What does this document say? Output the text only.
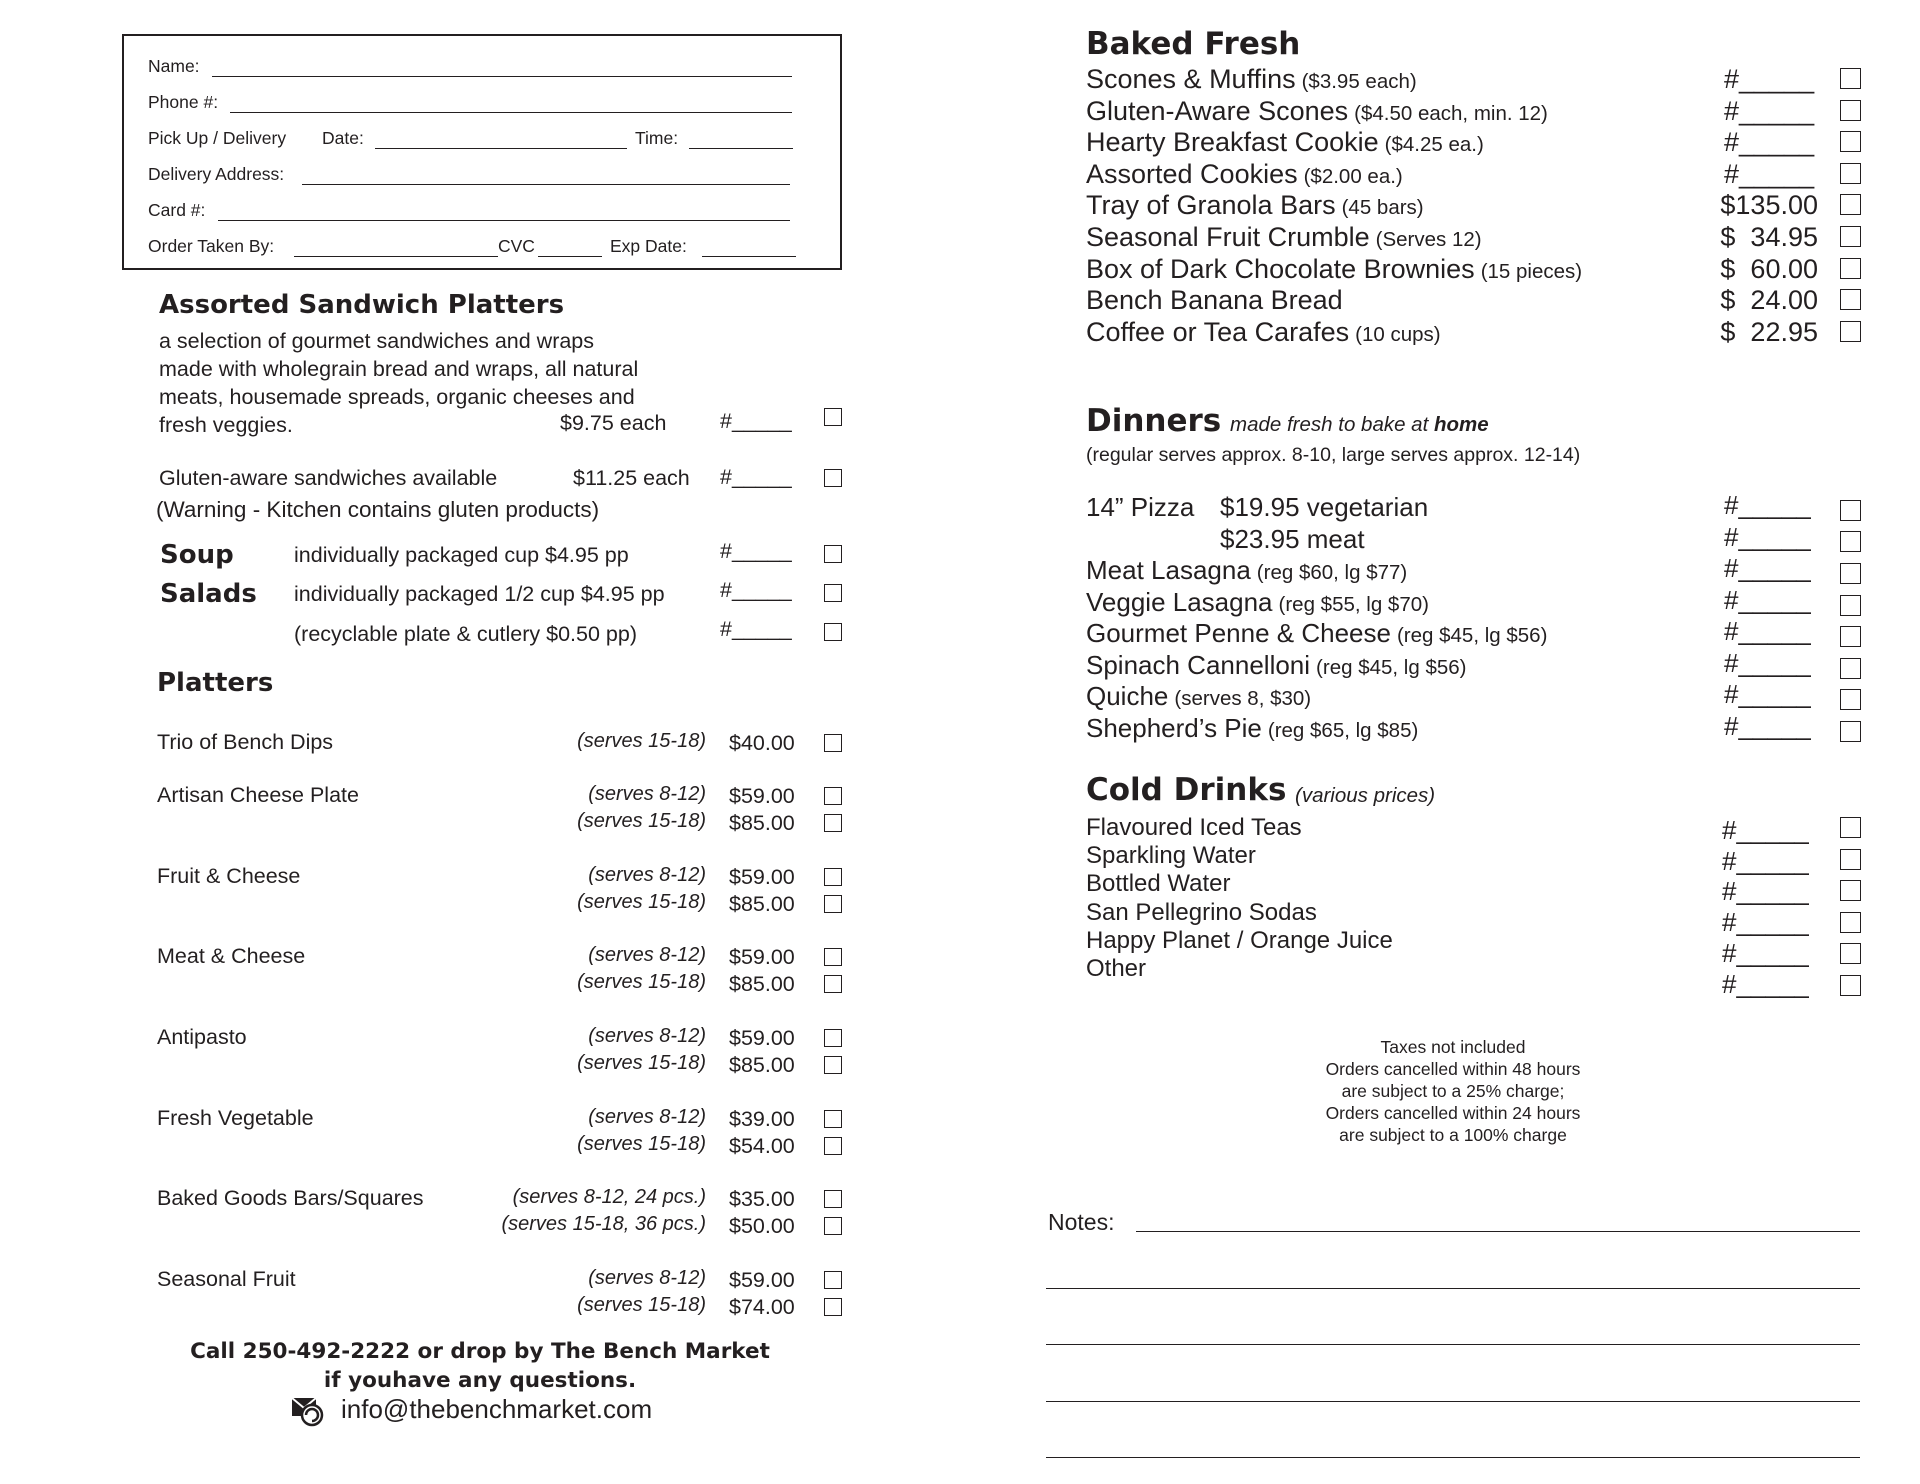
Name:
Phone #:
Pick Up / Delivery Date:	Time:
Delivery Address:
Card #:
Order Taken By:	CVC	Exp Date:
Assorted Sandwich Platters
a selection of gourmet sandwiches and wraps
made with wholegrain bread and wraps, all natural
meats, housemade spreads, organic cheeses and
fresh veggies.	$9.75 each #_____
Gluten-aware sandwiches available	$11.25 each #_____
(Warning - Kitchen contains gluten products)
Soup	individually packaged cup $4.95 pp	#_____
Salads individually packaged 1/2 cup $4.95 pp	#_____
(recyclable plate & cutlery $0.50 pp)	#_____
Platters
Trio of Bench Dips	(serves 15-18) $40.00
Artisan Cheese Plate	(serves 8-12) $59.00
(serves 15-18) $85.00
Fruit & Cheese	(serves 8-12) $59.00
(serves 15-18) $85.00
Meat & Cheese	(serves 8-12) $59.00
(serves 15-18) $85.00
Antipasto	(serves 8-12) $59.00
(serves 15-18) $85.00
Fresh Vegetable	(serves 8-12) $39.00
(serves 15-18) $54.00
Baked Goods Bars/Squares	(serves 8-12, 24 pcs.) $35.00
(serves 15-18, 36 pcs.) $50.00
Seasonal Fruit	(serves 8-12) $59.00
(serves 15-18) $74.00
Call 250-492-2222 or drop by The Bench Market
if youhave any questions.
info@thebenchmarket.com
Baked Fresh
Scones & Muffins ($3.95 each)	#_____
Gluten-Aware Scones ($4.50 each, min. 12)	#_____
Hearty Breakfast Cookie ($4.25 ea.)	#_____
Assorted Cookies ($2.00 ea.)	#_____
Tray of Granola Bars (45 bars)	$135.00
Seasonal Fruit Crumble (Serves 12)	$  34.95
Box of Dark Chocolate Brownies (15 pieces)	$  60.00
Bench Banana Bread	$  24.00
Coffee or Tea Carafes (10 cups)	$  22.95
Dinners made fresh to bake at home
(regular serves approx. 8-10, large serves approx. 12-14)
14” Pizza $19.95 vegetarian	#_____
$23.95 meat	#_____
Meat Lasagna (reg $60, lg $77)	#_____
Veggie Lasagna (reg $55, lg $70)	#_____
Gourmet Penne & Cheese (reg $45, lg $56)	#_____
Spinach Cannelloni (reg $45, lg $56)	#_____
Quiche (serves 8, $30)	#_____
Shepherd’s Pie (reg $65, lg $85)	#_____
Cold Drinks (various prices)
Flavoured Iced Teas	#_____
Sparkling Water	#_____
Bottled Water	#_____
San Pellegrino Sodas	#_____
Happy Planet / Orange Juice	#_____
Other	#_____
Taxes not included
Orders cancelled within 48 hours
are subject to a 25% charge;
Orders cancelled within 24 hours
are subject to a 100% charge
Notes:
